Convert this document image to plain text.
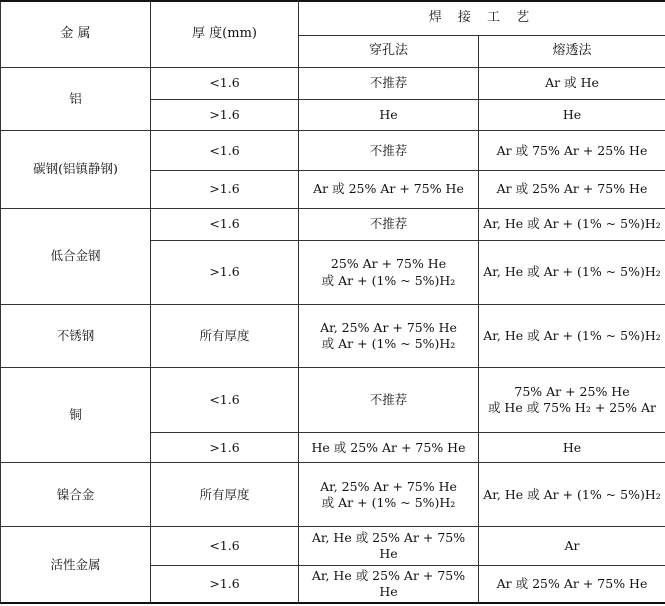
金 属	厚 度(mm)	焊 接 工 艺	
		穿孔法	熔透法
铝	<1.6	不推荐	Ar 或 He

	>1.6	He	He

碳钢(铝镇静钢)	<1.6	不推荐	Ar 或 75% Ar + 25% He

	>1.6	Ar 或 25% Ar + 75% He	Ar 或 25% Ar + 75% He

低合金钢	<1.6	不推荐	Ar, He 或 Ar + (1% ~ 5%)H₂

	>1.6	25% Ar + 75% He
或 Ar + (1% ~ 5%)H₂	Ar, He 或 Ar + (1% ~ 5%)H₂

不锈钢	所有厚度	Ar, 25% Ar + 75% He
或 Ar + (1% ~ 5%)H₂	Ar, He 或 Ar + (1% ~ 5%)H₂

铜	<1.6	不推荐	75% Ar + 25% He
或 He 或 75% H₂ + 25% Ar

	>1.6	He 或 25% Ar + 75% He	He

镍合金	所有厚度	Ar, 25% Ar + 75% He
或 Ar + (1% ~ 5%)H₂	Ar, He 或 Ar + (1% ~ 5%)H₂

活性金属	<1.6	Ar, He 或 25% Ar + 75% He	Ar

	>1.6	Ar, He 或 25% Ar + 75% He	Ar 或 25% Ar + 75% He
